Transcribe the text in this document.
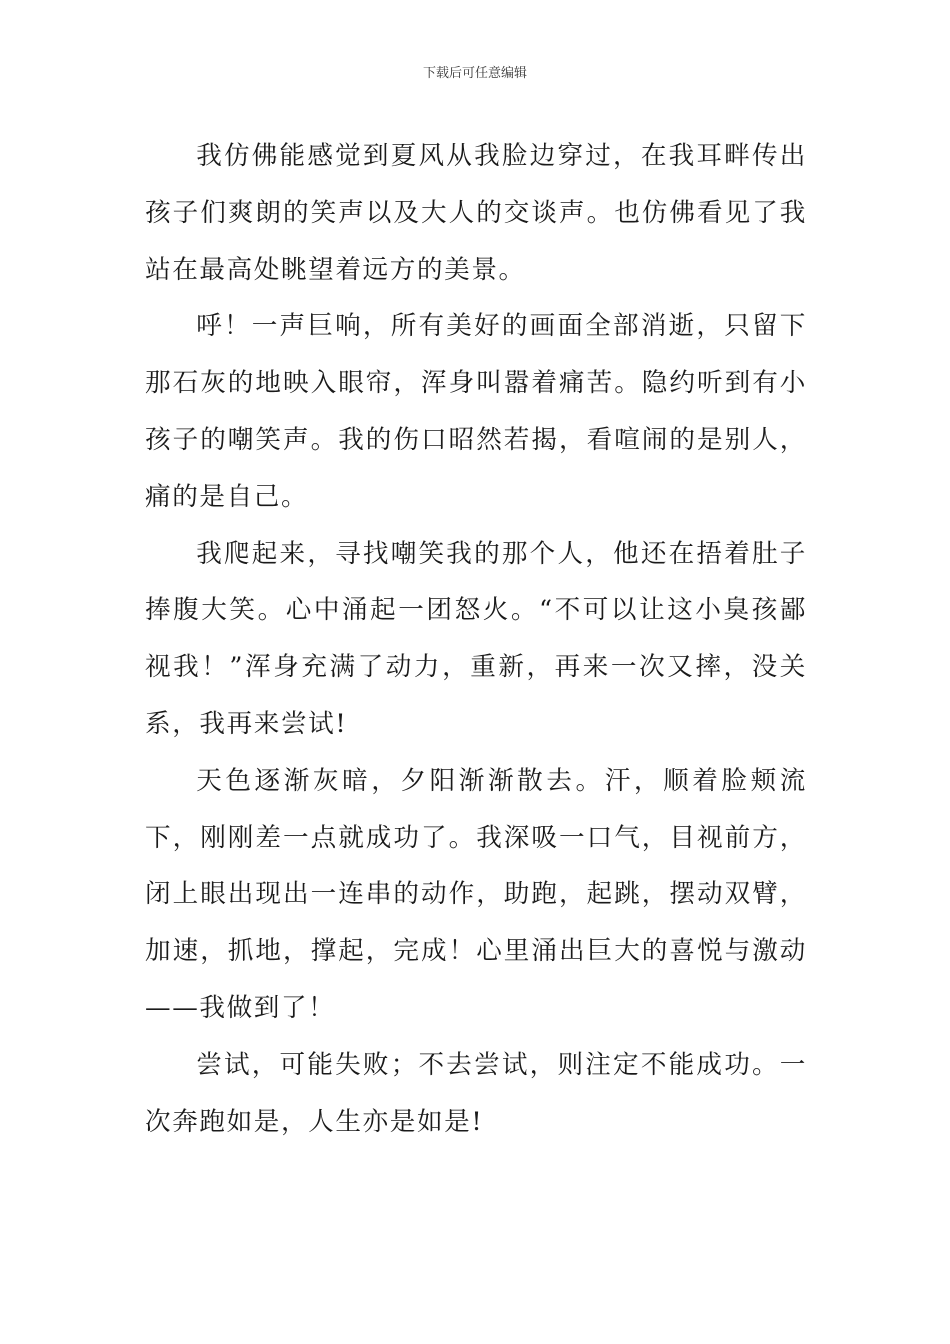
下载后可任意编辑

我仿佛能感觉到夏风从我脸边穿过，在我耳畔传出孩子们爽朗的笑声以及大人的交谈声。也仿佛看见了我站在最高处眺望着远方的美景。

呼！一声巨响，所有美好的画面全部消逝，只留下那石灰的地映入眼帘，浑身叫嚣着痛苦。隐约听到有小孩子的嘲笑声。我的伤口昭然若揭，看喧闹的是别人，痛的是自己。

我爬起来，寻找嘲笑我的那个人，他还在捂着肚子捧腹大笑。心中涌起一团怒火。“不可以让这小臭孩鄙视我！”浑身充满了动力，重新，再来一次又摔，没关系，我再来尝试!

天色逐渐灰暗，夕阳渐渐散去。汗，顺着脸颊流下，刚刚差一点就成功了。我深吸一口气，目视前方，闭上眼出现出一连串的动作，助跑，起跳，摆动双臂，加速，抓地，撑起，完成！心里涌出巨大的喜悦与激动——我做到了！

尝试，可能失败；不去尝试，则注定不能成功。一次奔跑如是，人生亦是如是!
